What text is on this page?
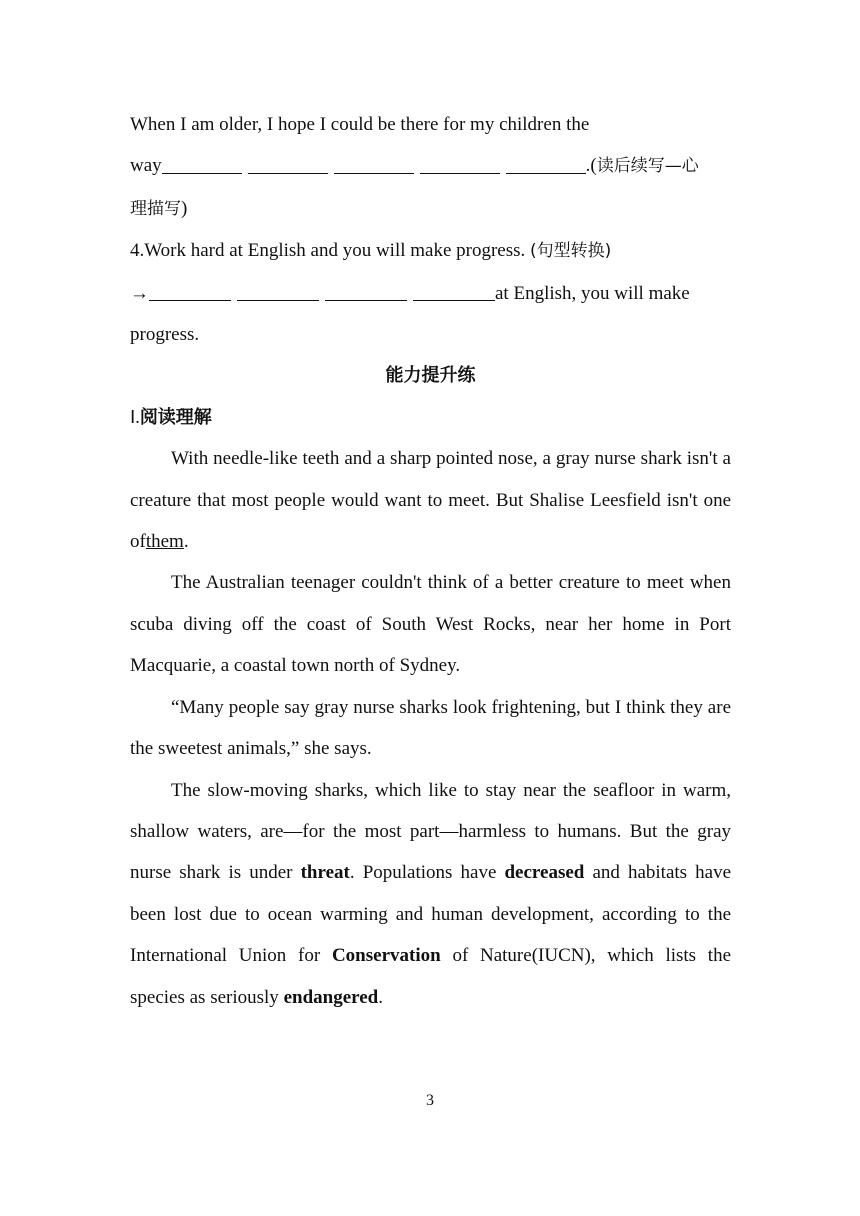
When I am older, I hope I could be there for my children the

way	.(读后续写—心

理描写)

4.Work hard at English and you will make progress. (句型转换)

→	at English, you will make

progress.

能力提升练

Ⅰ.阅读理解

With needle-like teeth and a sharp pointed nose, a gray nurse shark isn't a creature that most people would want to meet. But Shalise Leesfield isn't one ofthem.

The Australian teenager couldn't think of a better creature to meet when scuba diving off the coast of South West Rocks, near her home in Port Macquarie, a coastal town north of Sydney.

“Many people say gray nurse sharks look frightening, but I think they are the sweetest animals,” she says.

The slow-moving sharks, which like to stay near the seafloor in warm, shallow waters, are—for the most part—harmless to humans. But the gray nurse shark is under threat. Populations have decreased and habitats have been lost due to ocean warming and human development, according to the International Union for Conservation of Nature(IUCN), which lists the species as seriously endangered.

3
